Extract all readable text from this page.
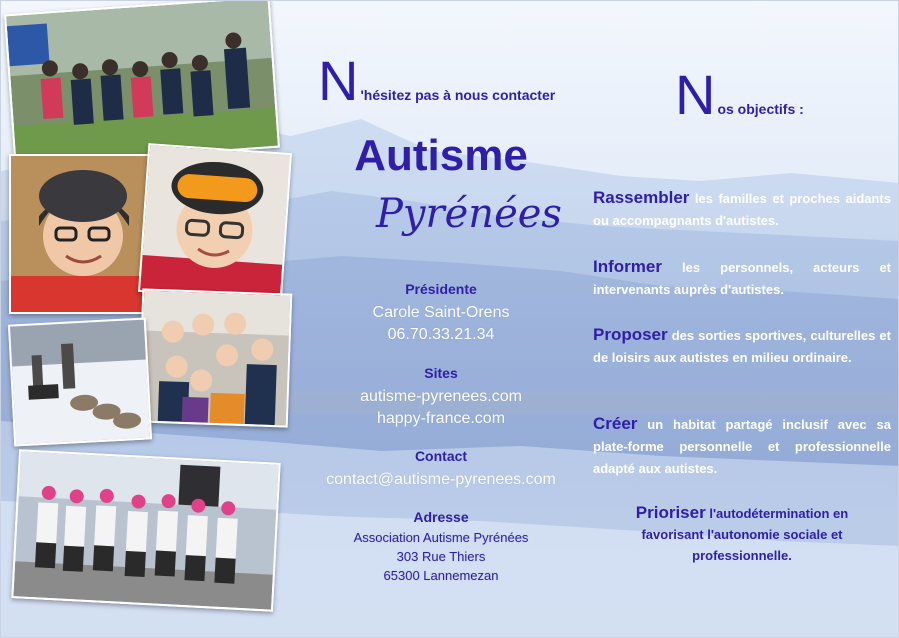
N 'hésitez pas à nous contacter
Autisme
Pyrénées
Présidente
Carole Saint-Orens
06.70.33.21.34
Sites
autisme-pyrenees.com
happy-france.com
Contact
contact@autisme-pyrenees.com
Adresse
Association Autisme Pyrénées
303 Rue Thiers
65300 Lannemezan
N os objectifs :
Rassembler les familles et proches aidants ou accompagnants d'autistes.
Informer les personnels, acteurs et intervenants auprès d'autistes.
Proposer des sorties sportives, culturelles et de loisirs aux autistes en milieu ordinaire.
Créer un habitat partagé inclusif avec sa plate-forme personnelle et professionnelle adapté aux autistes.
Prioriser l'autodétermination en favorisant l'autonomie sociale et professionnelle.
